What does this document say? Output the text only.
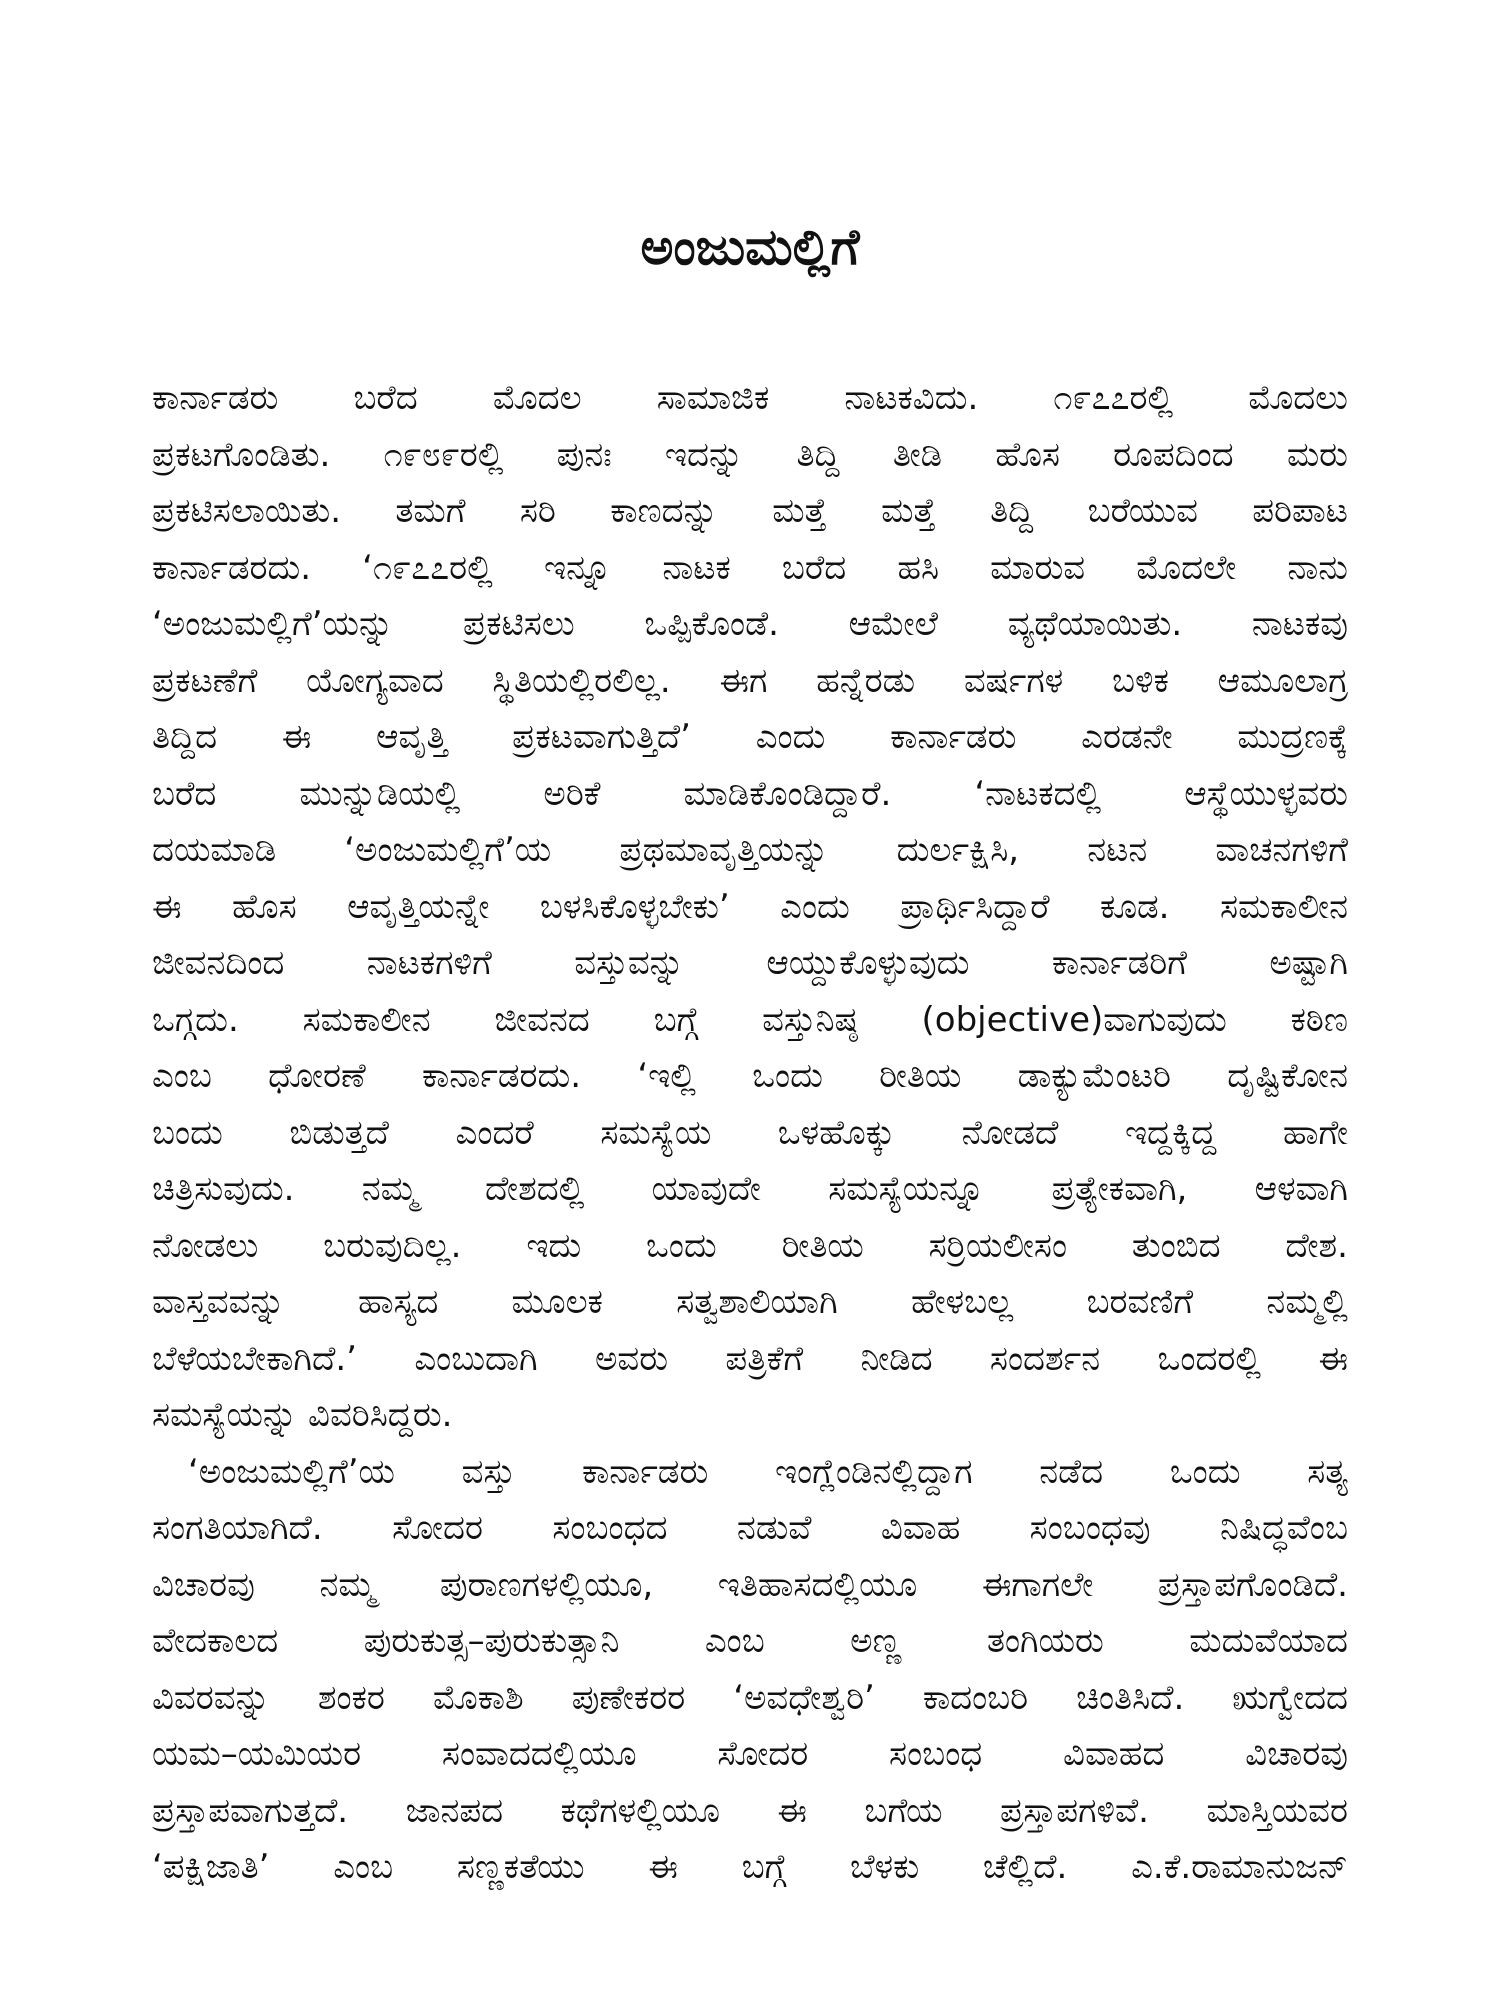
ಅಂಜುಮಲ್ಲಿಗೆ
ಕಾರ್ನಾಡರು ಬರೆದ ಮೊದಲ ಸಾಮಾಜಿಕ ನಾಟಕವಿದು. ೧೯೭೭ರಲ್ಲಿ ಮೊದಲು
ಪ್ರಕಟಗೊಂಡಿತು. ೧೯೮೯ರಲ್ಲಿ ಪುನಃ ಇದನ್ನು ತಿದ್ದಿ ತೀಡಿ ಹೊಸ ರೂಪದಿಂದ ಮರು
ಪ್ರಕಟಿಸಲಾಯಿತು. ತಮಗೆ ಸರಿ ಕಾಣದನ್ನು ಮತ್ತೆ ಮತ್ತೆ ತಿದ್ದಿ ಬರೆಯುವ ಪರಿಪಾಟ
ಕಾರ್ನಾಡರದು. ‘೧೯೭೭ರಲ್ಲಿ ಇನ್ನೂ ನಾಟಕ ಬರೆದ ಹಸಿ ಮಾರುವ ಮೊದಲೇ ನಾನು
‘ಅಂಜುಮಲ್ಲಿಗೆ’ಯನ್ನು ಪ್ರಕಟಿಸಲು ಒಪ್ಪಿಕೊಂಡೆ. ಆಮೇಲೆ ವ್ಯಥೆಯಾಯಿತು. ನಾಟಕವು
ಪ್ರಕಟಣೆಗೆ ಯೋಗ್ಯವಾದ ಸ್ಥಿತಿಯಲ್ಲಿರಲಿಲ್ಲ. ಈಗ ಹನ್ನೆರಡು ವರ್ಷಗಳ ಬಳಿಕ ಆಮೂಲಾಗ್ರ
ತಿದ್ದಿದ ಈ ಆವೃತ್ತಿ ಪ್ರಕಟವಾಗುತ್ತಿದೆ’ ಎಂದು ಕಾರ್ನಾಡರು ಎರಡನೇ ಮುದ್ರಣಕ್ಕೆ
ಬರೆದ ಮುನ್ನುಡಿಯಲ್ಲಿ ಅರಿಕೆ ಮಾಡಿಕೊಂಡಿದ್ದಾರೆ. ‘ನಾಟಕದಲ್ಲಿ ಆಸ್ಥೆಯುಳ್ಳವರು
ದಯಮಾಡಿ ‘ಅಂಜುಮಲ್ಲಿಗೆ’ಯ ಪ್ರಥಮಾವೃತ್ತಿಯನ್ನು ದುರ್ಲಕ್ಷಿಸಿ, ನಟನ ವಾಚನಗಳಿಗೆ
ಈ ಹೊಸ ಆವೃತ್ತಿಯನ್ನೇ ಬಳಸಿಕೊಳ್ಳಬೇಕು’ ಎಂದು ಪ್ರಾರ್ಥಿಸಿದ್ದಾರೆ ಕೂಡ. ಸಮಕಾಲೀನ
ಜೀವನದಿಂದ ನಾಟಕಗಳಿಗೆ ವಸ್ತುವನ್ನು ಆಯ್ದುಕೊಳ್ಳುವುದು ಕಾರ್ನಾಡರಿಗೆ ಅಷ್ಟಾಗಿ
ಒಗ್ಗದು. ಸಮಕಾಲೀನ ಜೀವನದ ಬಗ್ಗೆ ವಸ್ತುನಿಷ್ಠ (objective)ವಾಗುವುದು ಕಠಿಣ
ಎಂಬ ಧೋರಣೆ ಕಾರ್ನಾಡರದು. ‘ಇಲ್ಲಿ ಒಂದು ರೀತಿಯ ಡಾಕ್ಯುಮೆಂಟರಿ ದೃಷ್ಟಿಕೋನ
ಬಂದು ಬಿಡುತ್ತದೆ ಎಂದರೆ ಸಮಸ್ಯೆಯ ಒಳಹೊಕ್ಕು ನೋಡದೆ ಇದ್ದಕ್ಕಿದ್ದ ಹಾಗೇ
ಚಿತ್ರಿಸುವುದು. ನಮ್ಮ ದೇಶದಲ್ಲಿ ಯಾವುದೇ ಸಮಸ್ಯೆಯನ್ನೂ ಪ್ರತ್ಯೇಕವಾಗಿ, ಆಳವಾಗಿ
ನೋಡಲು ಬರುವುದಿಲ್ಲ. ಇದು ಒಂದು ರೀತಿಯ ಸರ್ರಿಯಲೀಸಂ ತುಂಬಿದ ದೇಶ.
ವಾಸ್ತವವನ್ನು ಹಾಸ್ಯದ ಮೂಲಕ ಸತ್ವಶಾಲಿಯಾಗಿ ಹೇಳಬಲ್ಲ ಬರವಣಿಗೆ ನಮ್ಮಲ್ಲಿ
ಬೆಳೆಯಬೇಕಾಗಿದೆ.’ ಎಂಬುದಾಗಿ ಅವರು ಪತ್ರಿಕೆಗೆ ನೀಡಿದ ಸಂದರ್ಶನ ಒಂದರಲ್ಲಿ ಈ
ಸಮಸ್ಯೆಯನ್ನು ವಿವರಿಸಿದ್ದರು.
‘ಅಂಜುಮಲ್ಲಿಗೆ’ಯ ವಸ್ತು ಕಾರ್ನಾಡರು ಇಂಗ್ಲೆಂಡಿನಲ್ಲಿದ್ದಾಗ ನಡೆದ ಒಂದು ಸತ್ಯ
ಸಂಗತಿಯಾಗಿದೆ. ಸೋದರ ಸಂಬಂಧದ ನಡುವೆ ವಿವಾಹ ಸಂಬಂಧವು ನಿಷಿದ್ಧವೆಂಬ
ವಿಚಾರವು ನಮ್ಮ ಪುರಾಣಗಳಲ್ಲಿಯೂ, ಇತಿಹಾಸದಲ್ಲಿಯೂ ಈಗಾಗಲೇ ಪ್ರಸ್ತಾಪಗೊಂಡಿದೆ.
ವೇದಕಾಲದ ಪುರುಕುತ್ಸ–ಪುರುಕುತ್ಸಾನಿ ಎಂಬ ಅಣ್ಣ ತಂಗಿಯರು ಮದುವೆಯಾದ
ವಿವರವನ್ನು ಶಂಕರ ಮೊಕಾಶಿ ಪುಣೇಕರರ ‘ಅವಧೇಶ್ವರಿ’ ಕಾದಂಬರಿ ಚಿಂತಿಸಿದೆ. ಋಗ್ವೇದದ
ಯಮ–ಯಮಿಯರ ಸಂವಾದದಲ್ಲಿಯೂ ಸೋದರ ಸಂಬಂಧ ವಿವಾಹದ ವಿಚಾರವು
ಪ್ರಸ್ತಾಪವಾಗುತ್ತದೆ. ಜಾನಪದ ಕಥೆಗಳಲ್ಲಿಯೂ ಈ ಬಗೆಯ ಪ್ರಸ್ತಾಪಗಳಿವೆ. ಮಾಸ್ತಿಯವರ
‘ಪಕ್ಷಿಜಾತಿ’ ಎಂಬ ಸಣ್ಣಕತೆಯು ಈ ಬಗ್ಗೆ ಬೆಳಕು ಚೆಲ್ಲಿದೆ. ಎ.ಕೆ.ರಾಮಾನುಜನ್
